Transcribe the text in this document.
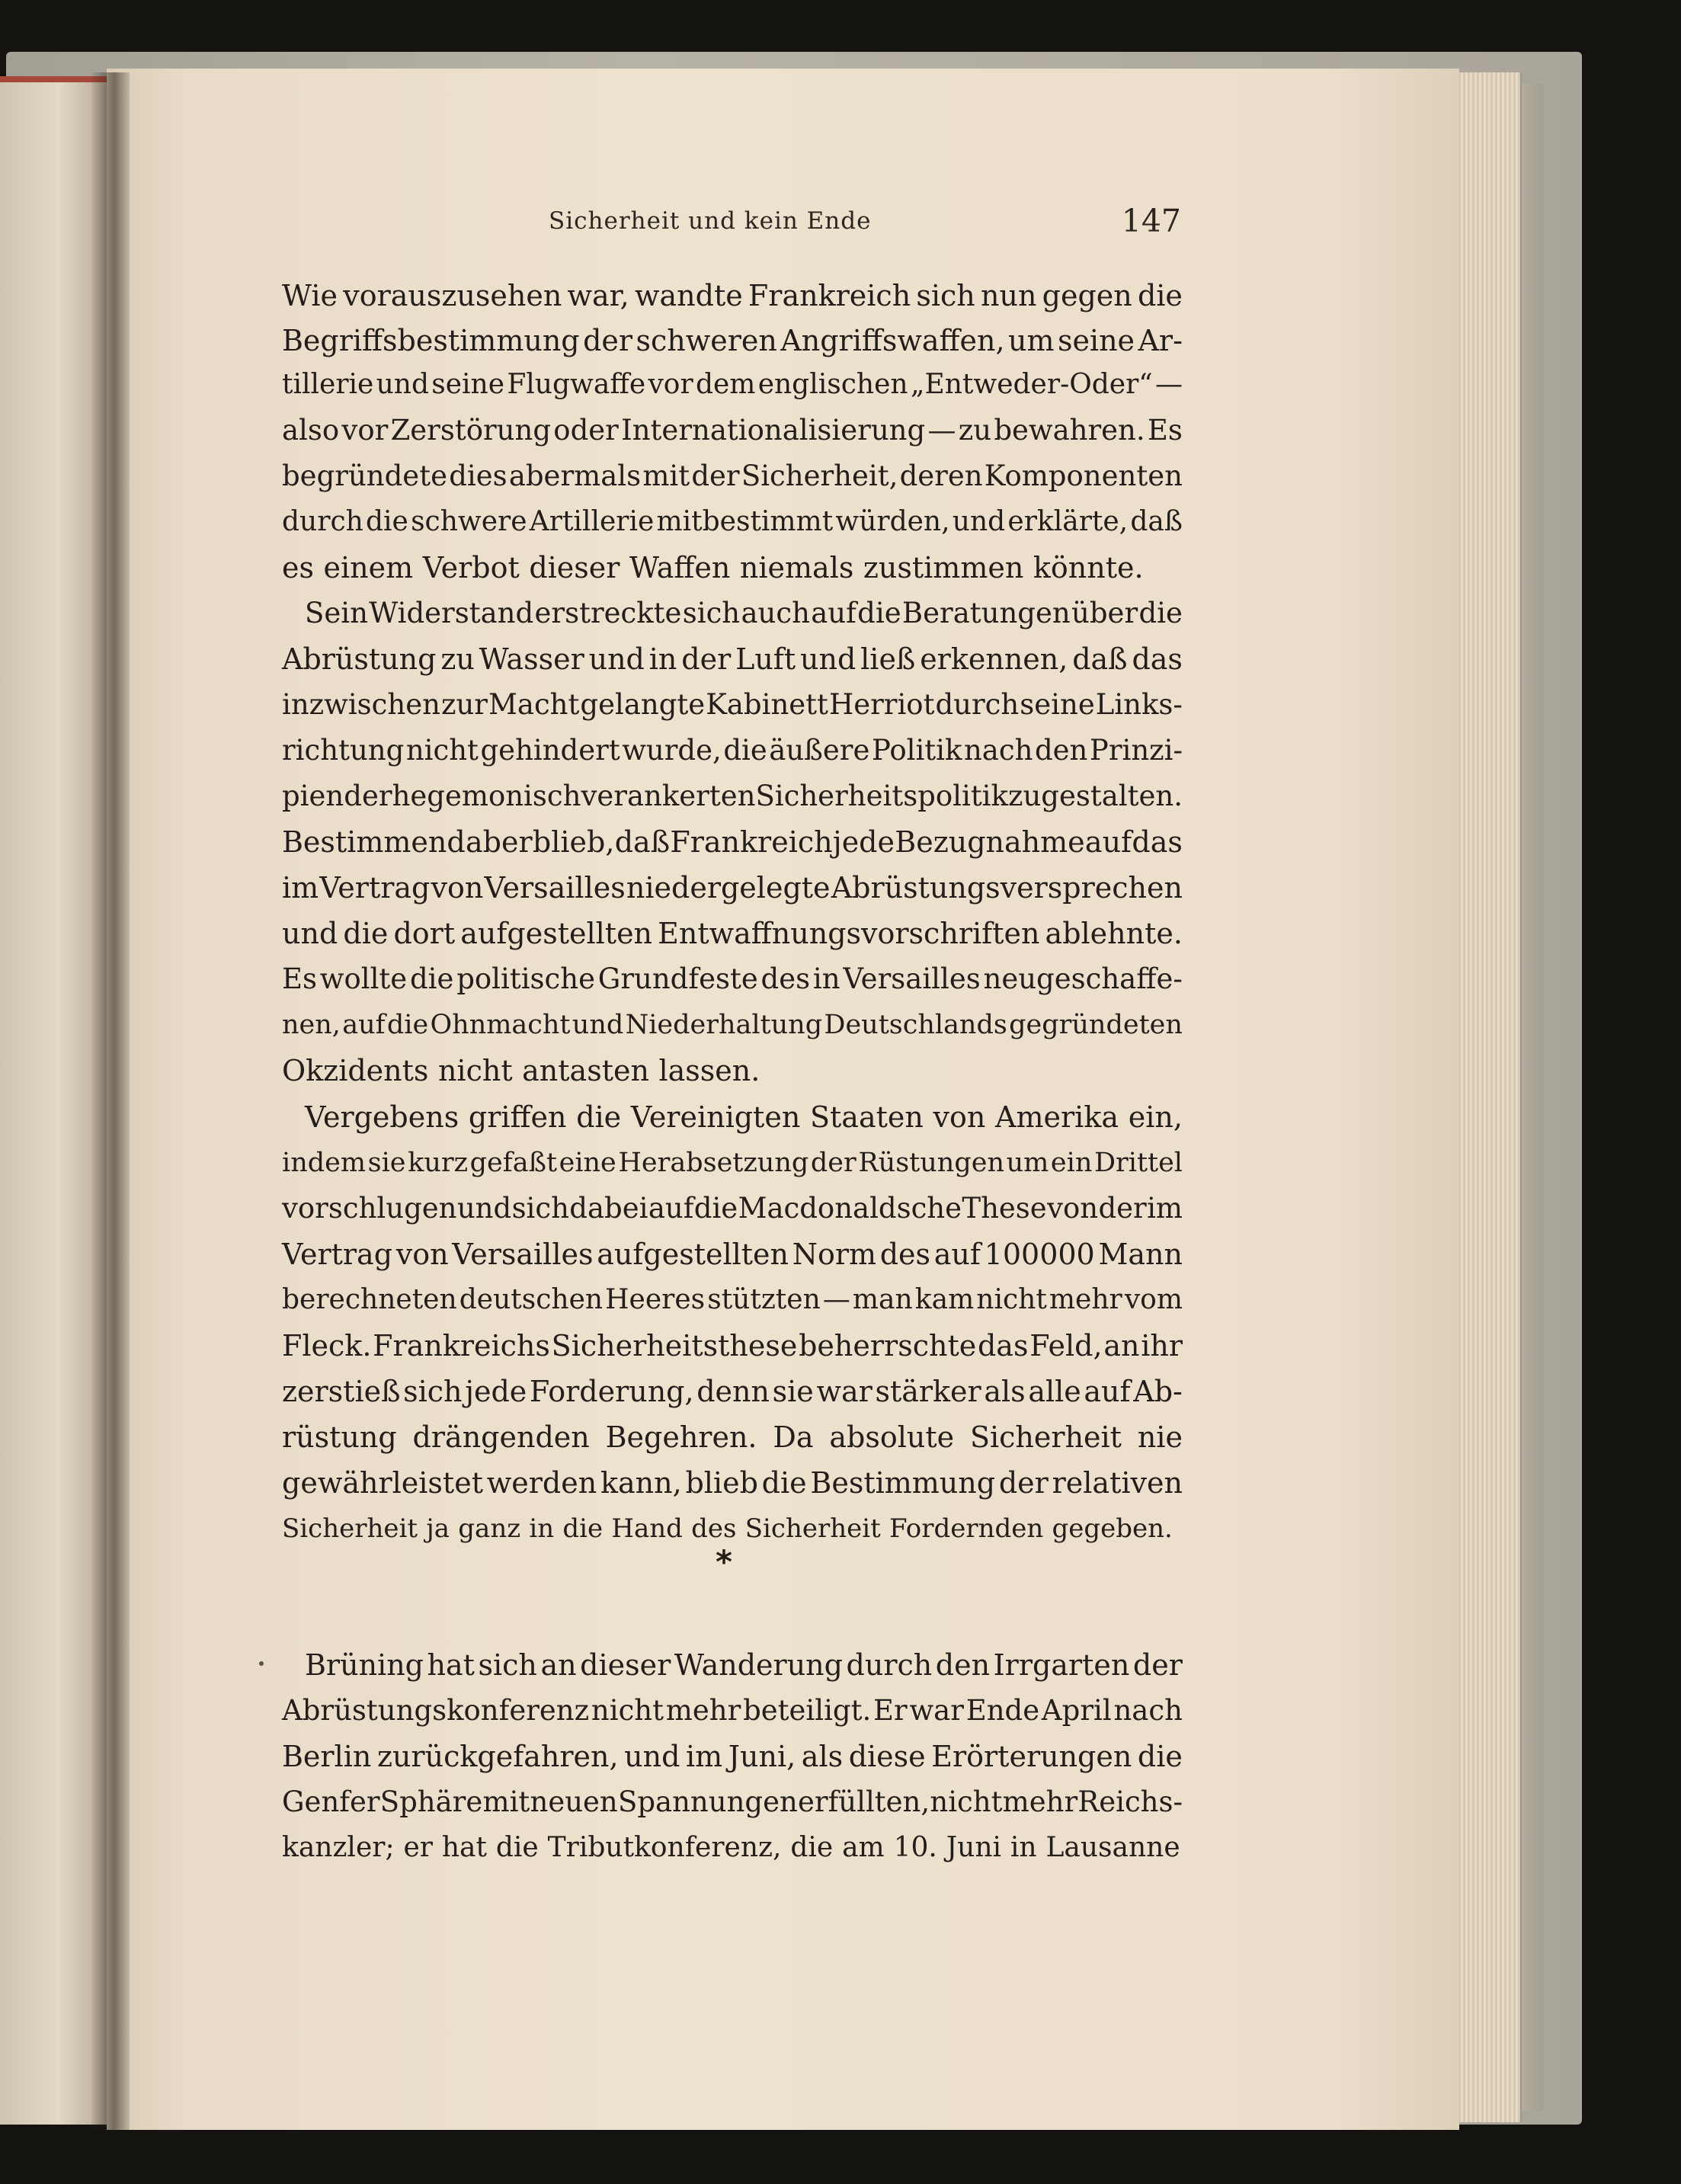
Sicherheit und kein Ende	147
Wie vorauszusehen war, wandte Frankreich sich nun gegen die
Begriffsbestimmung der schweren Angriffswaffen, um seine Ar-
tillerie und seine Flugwaffe vor dem englischen „Entweder-Oder“ —
also vor Zerstörung oder Internationalisierung — zu bewahren. Es
begründete dies abermals mit der Sicherheit, deren Komponenten
durch die schwere Artillerie mitbestimmt würden, und erklärte, daß
es einem Verbot dieser Waffen niemals zustimmen könnte.
Sein Widerstand erstreckte sich auch auf die Beratungen über die
Abrüstung zu Wasser und in der Luft und ließ erkennen, daß das
inzwischen zur Macht gelangte Kabinett Herriot durch seine Links-
richtung nicht gehindert wurde, die äußere Politik nach den Prinzi-
pien der hegemonisch verankerten Sicherheitspolitik zu gestalten.
Bestimmend aber blieb, daß Frankreich jede Bezugnahme auf das
im Vertrag von Versailles niedergelegte Abrüstungsversprechen
und die dort aufgestellten Entwaffnungsvorschriften ablehnte.
Es wollte die politische Grundfeste des in Versailles neugeschaffe-
nen, auf die Ohnmacht und Niederhaltung Deutschlands gegründeten
Okzidents nicht antasten lassen.
Vergebens griffen die Vereinigten Staaten von Amerika ein,
indem sie kurz gefaßt eine Herabsetzung der Rüstungen um ein Drittel
vorschlugen und sich dabei auf die Macdonaldsche These von der im
Vertrag von Versailles aufgestellten Norm des auf 100000 Mann
berechneten deutschen Heeres stützten — man kam nicht mehr vom
Fleck. Frankreichs Sicherheitsthese beherrschte das Feld, an ihr
zerstieß sich jede Forderung, denn sie war stärker als alle auf Ab-
rüstung drängenden Begehren. Da absolute Sicherheit nie
gewährleistet werden kann, blieb die Bestimmung der relativen
Sicherheit ja ganz in die Hand des Sicherheit Fordernden gegeben.
Brüning hat sich an dieser Wanderung durch den Irrgarten der
Abrüstungskonferenz nicht mehr beteiligt. Er war Ende April nach
Berlin zurückgefahren, und im Juni, als diese Erörterungen die
Genfer Sphäre mit neuen Spannungen erfüllten, nicht mehr Reichs-
kanzler; er hat die Tributkonferenz, die am 10. Juni in Lausanne
*
